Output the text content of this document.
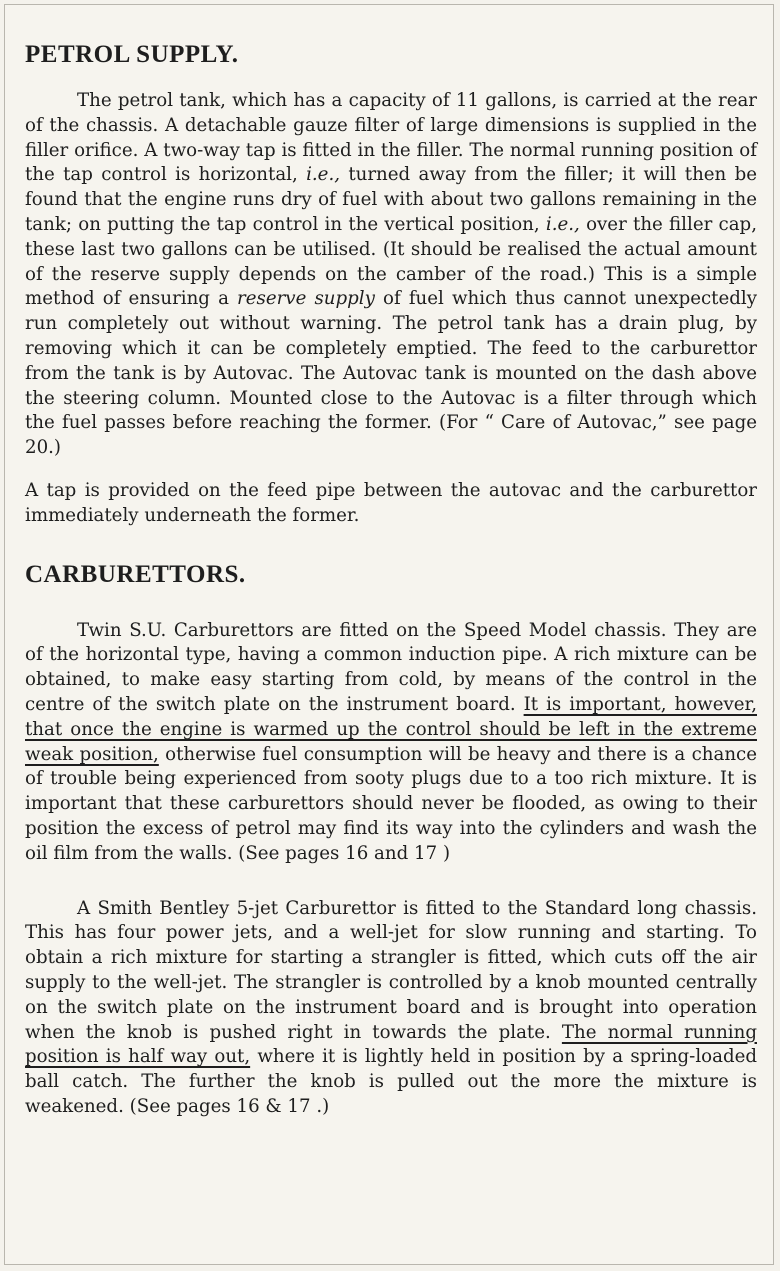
PETROL SUPPLY.

The petrol tank, which has a capacity of 11 gallons, is carried at the rear of the chassis. A detachable gauze filter of large dimensions is supplied in the filler orifice. A two-way tap is fitted in the filler. The normal running position of the tap control is horizontal, i.e., turned away from the filler; it will then be found that the engine runs dry of fuel with about two gallons remaining in the tank; on putting the tap control in the vertical position, i.e., over the filler cap, these last two gallons can be utilised. (It should be realised the actual amount of the reserve supply depends on the camber of the road.) This is a simple method of ensuring a reserve supply of fuel which thus cannot unexpectedly run completely out without warning. The petrol tank has a drain plug, by removing which it can be completely emptied. The feed to the carburettor from the tank is by Autovac. The Autovac tank is mounted on the dash above the steering column. Mounted close to the Autovac is a filter through which the fuel passes before reaching the former. (For “ Care of Autovac,” see page 20.)

A tap is provided on the feed pipe between the autovac and the carburettor immediately underneath the former.

CARBURETTORS.

Twin S.U. Carburettors are fitted on the Speed Model chassis. They are of the horizontal type, having a common induction pipe. A rich mixture can be obtained, to make easy starting from cold, by means of the control in the centre of the switch plate on the instrument board. It is important, however, that once the engine is warmed up the control should be left in the extreme weak position, otherwise fuel consumption will be heavy and there is a chance of trouble being experienced from sooty plugs due to a too rich mixture. It is important that these carburettors should never be flooded, as owing to their position the excess of petrol may find its way into the cylinders and wash the oil film from the walls. (See pages 16 and 17 )

A Smith Bentley 5-jet Carburettor is fitted to the Standard long chassis. This has four power jets, and a well-jet for slow running and starting. To obtain a rich mixture for starting a strangler is fitted, which cuts off the air supply to the well-jet. The strangler is controlled by a knob mounted centrally on the switch plate on the instrument board and is brought into operation when the knob is pushed right in towards the plate. The normal running position is half way out, where it is lightly held in position by a spring-loaded ball catch. The further the knob is pulled out the more the mixture is weakened. (See pages 16 & 17 .)
